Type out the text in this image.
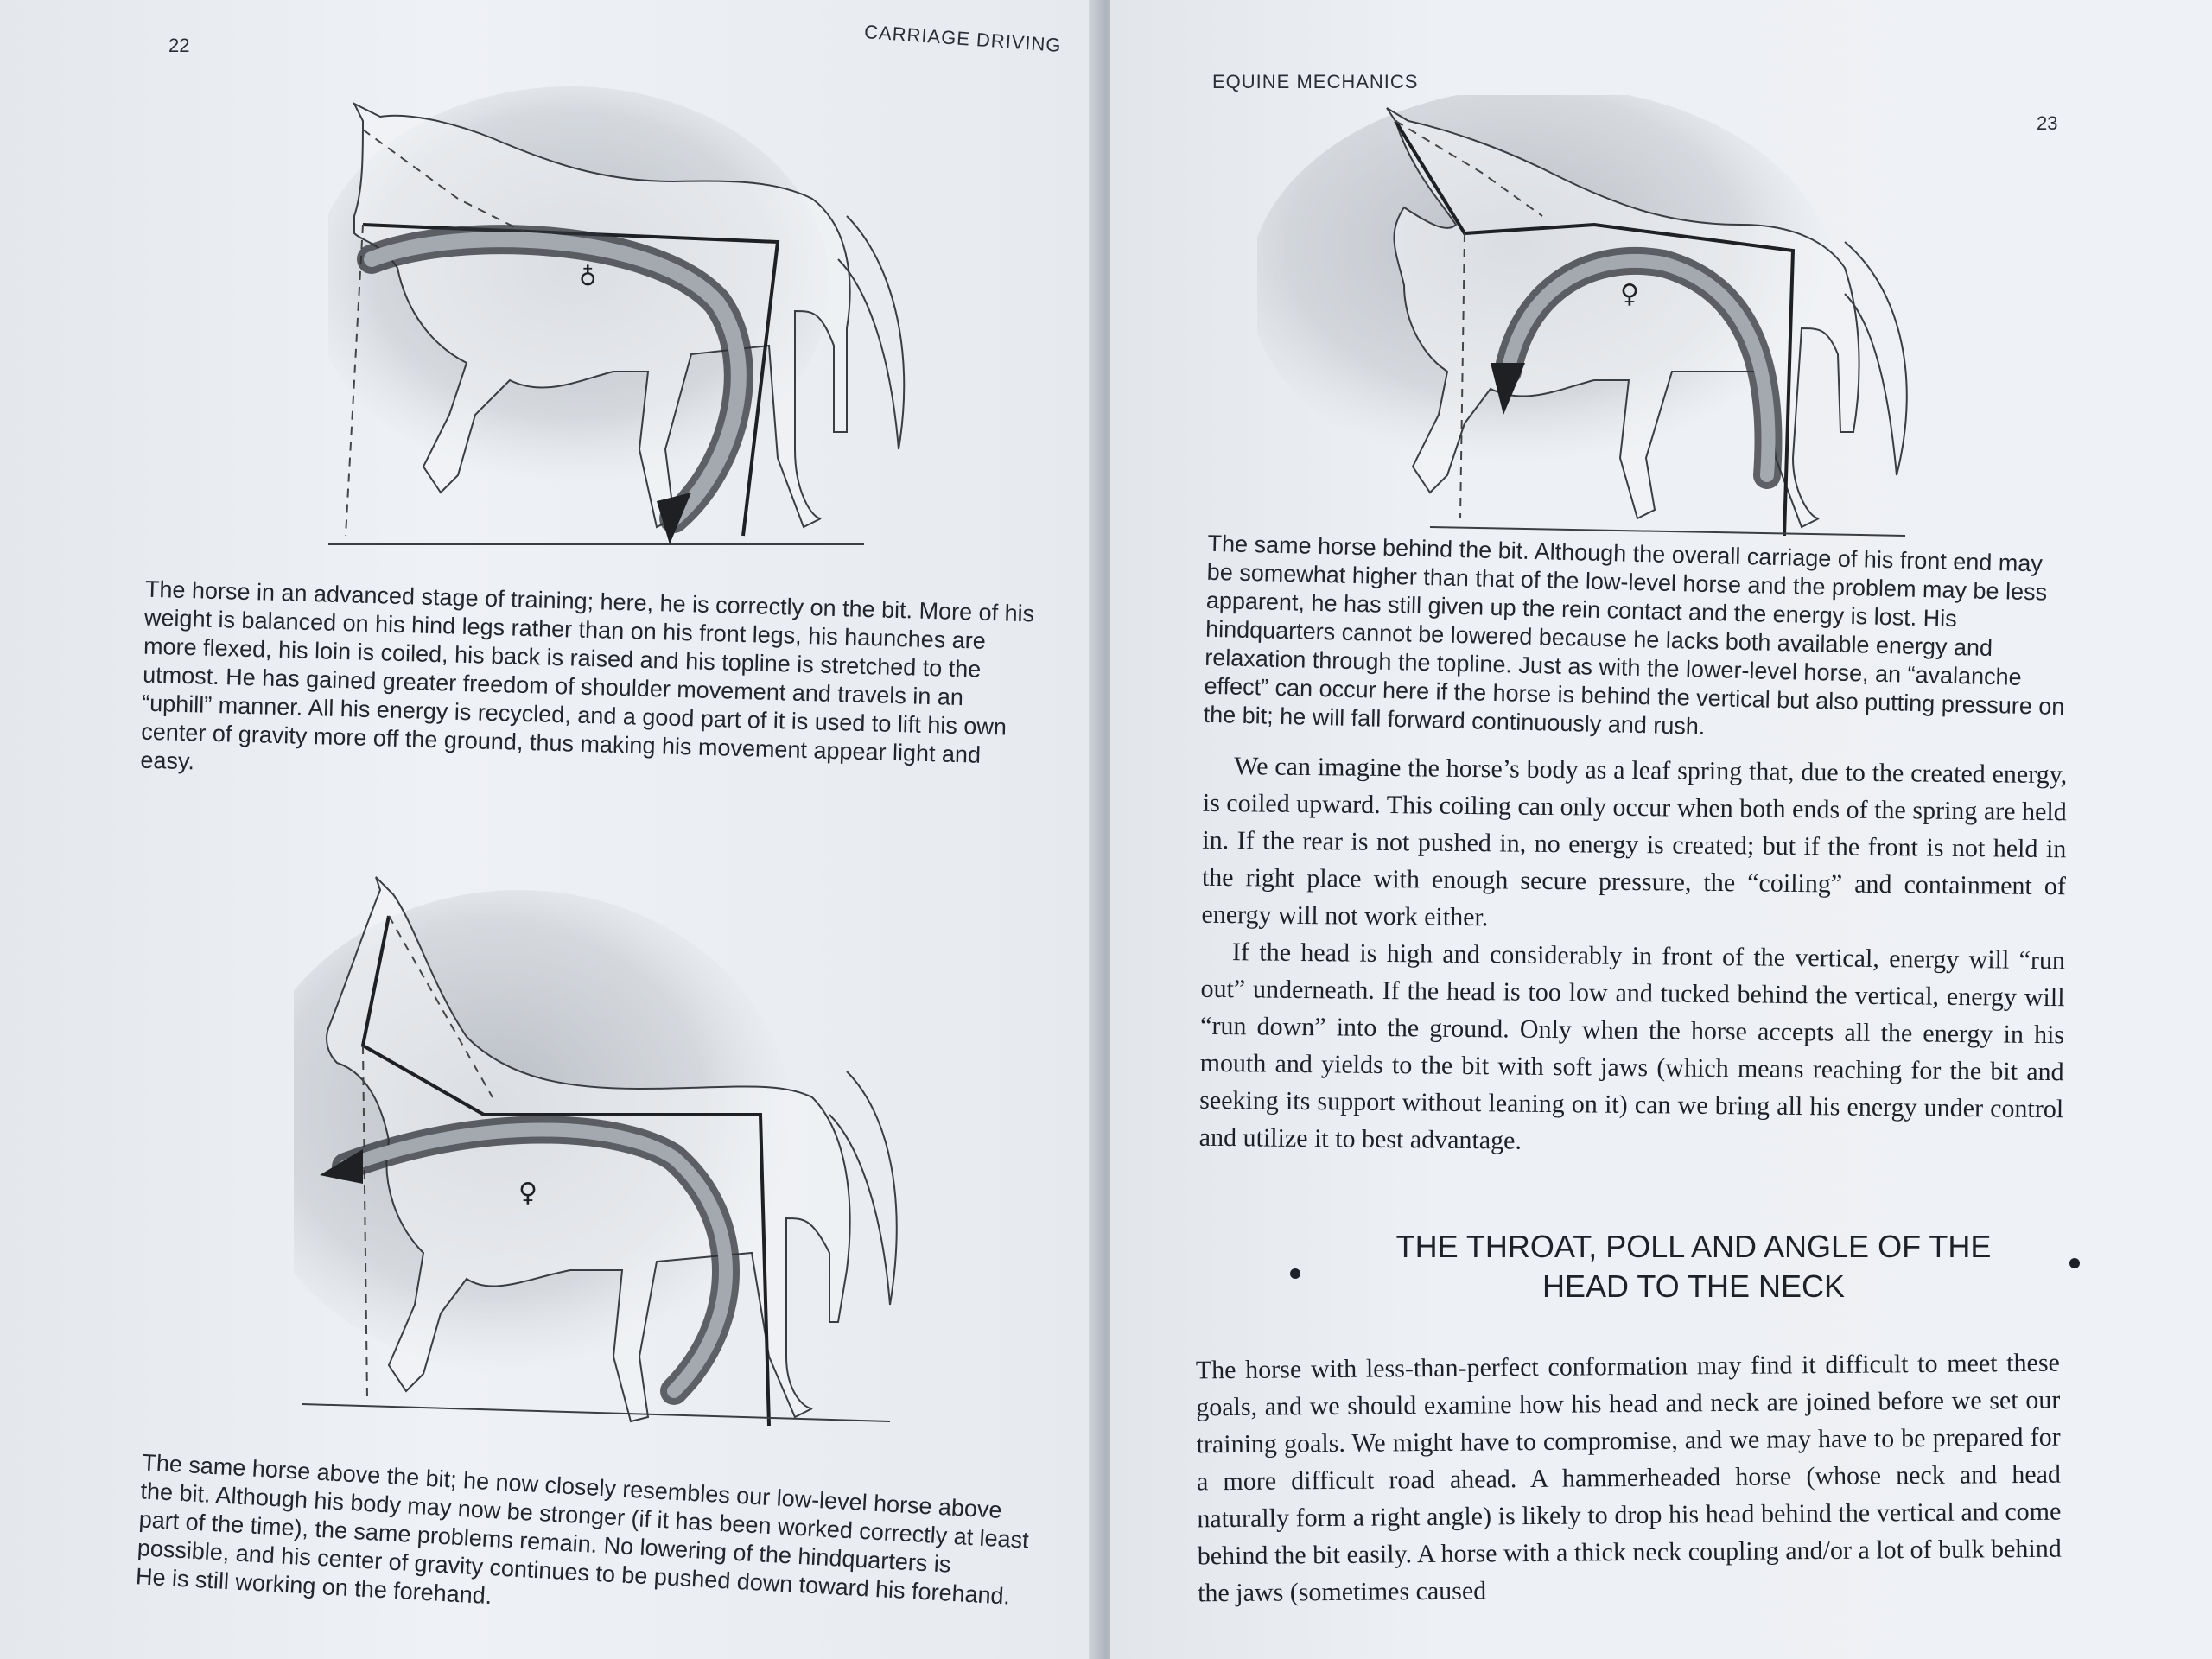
22	CARRIAGE DRIVING
♁

The horse in an advanced stage of training; here, he is correctly on the bit. More of his weight is balanced on his hind legs rather than on his front legs, his haunches are more flexed, his loin is coiled, his back is raised and his topline is stretched to the utmost. He has gained greater freedom of shoulder movement and travels in an “uphill” manner. All his energy is recycled, and a good part of it is used to lift his own center of gravity more off the ground, thus making his movement appear light and easy.

♀

The same horse above the bit; he now closely resembles our low-level horse above the bit. Although his body may now be stronger (if it has been worked correctly at least part of the time), the same problems remain. No lowering of the hindquarters is possible, and his center of gravity continues to be pushed down toward his forehand. He is still working on the forehand.

EQUINE MECHANICS
23
♀

The same horse behind the bit. Although the overall carriage of his front end may be somewhat higher than that of the low-level horse and the problem may be less apparent, he has still given up the rein contact and the energy is lost. His hindquarters cannot be lowered because he lacks both available energy and relaxation through the topline. Just as with the lower-level horse, an “avalanche effect” can occur here if the horse is behind the vertical but also putting pressure on the bit; he will fall forward continuously and rush.

We can imagine the horse’s body as a leaf spring that, due to the created energy, is coiled upward. This coiling can only occur when both ends of the spring are held in. If the rear is not pushed in, no energy is created; but if the front is not held in the right place with enough secure pressure, the “coiling” and containment of energy will not work either.

If the head is high and considerably in front of the vertical, energy will “run out” underneath. If the head is too low and tucked behind the vertical, energy will “run down” into the ground. Only when the horse accepts all the energy in his mouth and yields to the bit with soft jaws (which means reaching for the bit and seeking its support without leaning on it) can we bring all his energy under control and utilize it to best advantage.

THE THROAT, POLL AND ANGLE OF THE
HEAD TO THE NECK

The horse with less-than-perfect conformation may find it difficult to meet these goals, and we should examine how his head and neck are joined before we set our training goals. We might have to compromise, and we may have to be prepared for a more difficult road ahead. A hammerheaded horse (whose neck and head naturally form a right angle) is likely to drop his head behind the vertical and come behind the bit easily. A horse with a thick neck coupling and/or a lot of bulk behind the jaws (sometimes caused
